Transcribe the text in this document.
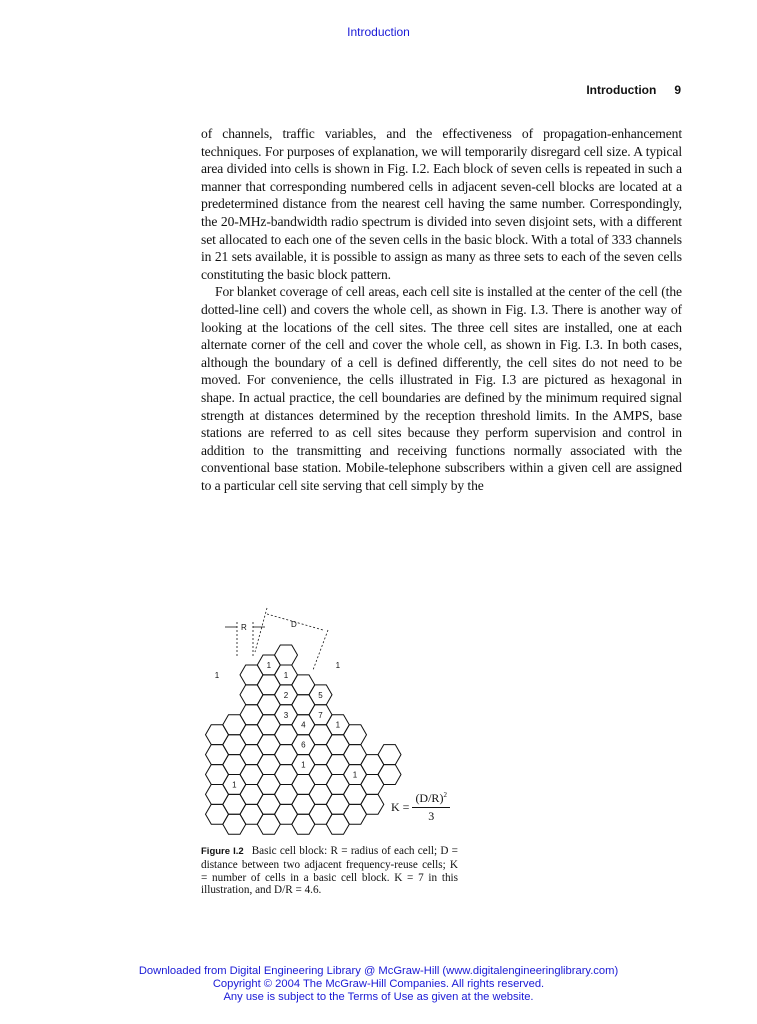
Introduction
Introduction 9

of channels, traffic variables, and the effectiveness of propagation-enhancement techniques. For purposes of explanation, we will temporarily disregard cell size. A typical area divided into cells is shown in Fig. I.2. Each block of seven cells is repeated in such a manner that corresponding numbered cells in adjacent seven-cell blocks are located at a predetermined distance from the nearest cell having the same number. Correspondingly, the 20-MHz-bandwidth radio spectrum is divided into seven disjoint sets, with a different set allocated to each one of the seven cells in the basic block. With a total of 333 channels in 21 sets available, it is possible to assign as many as three sets to each of the seven cells constituting the basic block pattern.

For blanket coverage of cell areas, each cell site is installed at the center of the cell (the dotted-line cell) and covers the whole cell, as shown in Fig. I.3. There is another way of looking at the locations of the cell sites. The three cell sites are installed, one at each alternate corner of the cell and cover the whole cell, as shown in Fig. I.3. In both cases, although the boundary of a cell is defined differently, the cell sites do not need to be moved. For convenience, the cells illustrated in Fig. I.3 are pictured as hexagonal in shape. In actual practice, the cell boundaries are defined by the minimum required signal strength at distances determined by the reception threshold limits. In the AMPS, base stations are referred to as cell sites because they perform supervision and control in addition to the transmitting and receiving functions normally associated with the conventional base station. Mobile-telephone subscribers within a given cell are assigned to a particular cell site serving that cell simply by the

R	D
1	1
1
2
1
5
4	1
3	7
6
1
1
1
$K = \frac{(D/R)^2}{3}$
Figure I.2 Basic cell block: R = radius of each cell; D = distance between two adjacent frequency-reuse cells; K = number of cells in a basic cell block. K = 7 in this illustration, and D/R = 4.6.
Downloaded from Digital Engineering Library @ McGraw-Hill (www.digitalengineeringlibrary.com)
Copyright © 2004 The McGraw-Hill Companies. All rights reserved.
Any use is subject to the Terms of Use as given at the website.
